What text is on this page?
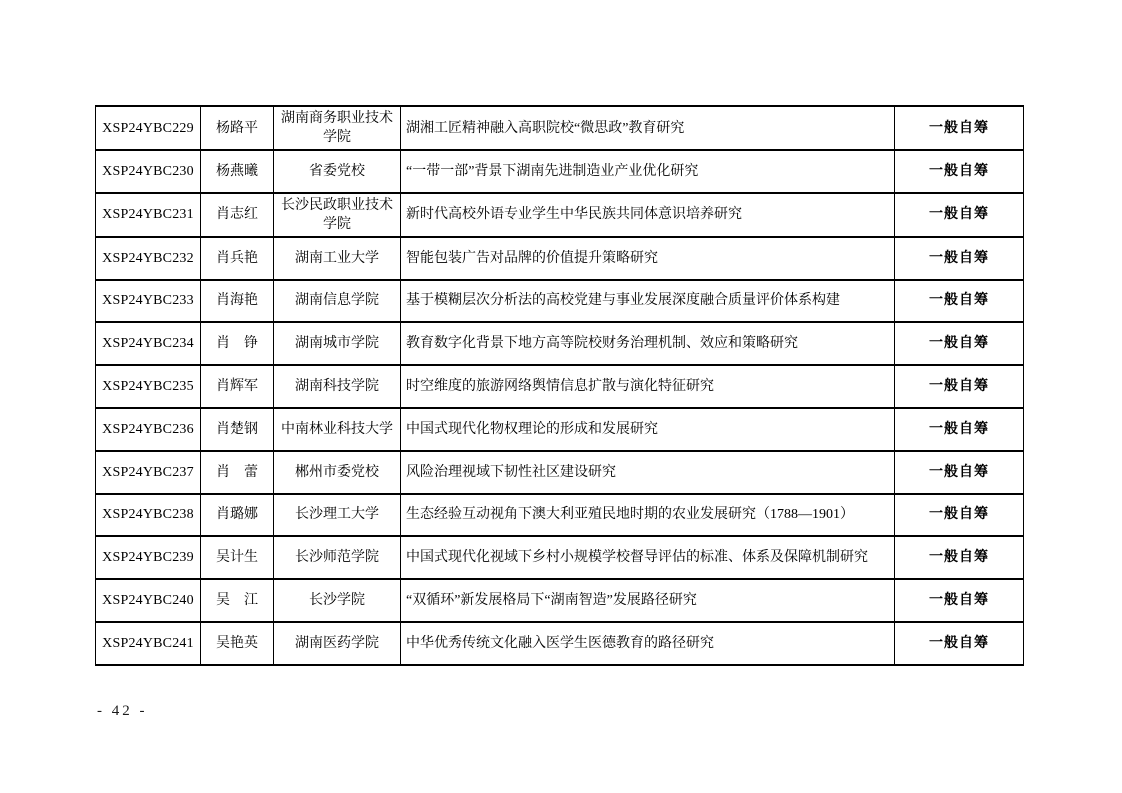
XSP24YBC229	杨路平	湖南商务职业技术学院	湖湘工匠精神融入高职院校“微思政”教育研究	一般自筹
XSP24YBC230	杨燕曦	省委党校	“一带一部”背景下湖南先进制造业产业优化研究	一般自筹
XSP24YBC231	肖志红	长沙民政职业技术学院	新时代高校外语专业学生中华民族共同体意识培养研究	一般自筹
XSP24YBC232	肖兵艳	湖南工业大学	智能包装广告对品牌的价值提升策略研究	一般自筹
XSP24YBC233	肖海艳	湖南信息学院	基于模糊层次分析法的高校党建与事业发展深度融合质量评价体系构建	一般自筹
XSP24YBC234	肖　铮	湖南城市学院	教育数字化背景下地方高等院校财务治理机制、效应和策略研究	一般自筹
XSP24YBC235	肖辉军	湖南科技学院	时空维度的旅游网络舆情信息扩散与演化特征研究	一般自筹
XSP24YBC236	肖楚钢	中南林业科技大学	中国式现代化物权理论的形成和发展研究	一般自筹
XSP24YBC237	肖　蕾	郴州市委党校	风险治理视域下韧性社区建设研究	一般自筹
XSP24YBC238	肖璐娜	长沙理工大学	生态经验互动视角下澳大利亚殖民地时期的农业发展研究（1788—1901）	一般自筹
XSP24YBC239	吴计生	长沙师范学院	中国式现代化视域下乡村小规模学校督导评估的标准、体系及保障机制研究	一般自筹
XSP24YBC240	吴　江	长沙学院	“双循环”新发展格局下“湖南智造”发展路径研究	一般自筹
XSP24YBC241	吴艳英	湖南医药学院	中华优秀传统文化融入医学生医德教育的路径研究	一般自筹
- 42 -
